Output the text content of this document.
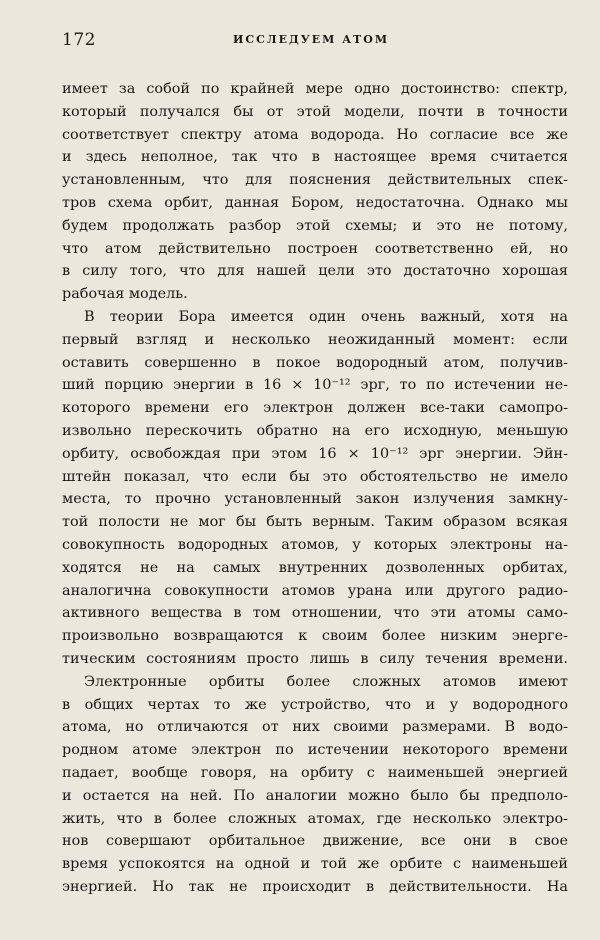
172	ИССЛЕДУЕМ АТОМ
имеет за собой по крайней мере одно достоинство: спектр,
который получался бы от этой модели, почти в точности
соответствует спектру атома водорода. Но согласие все же
и здесь неполное, так что в настоящее время считается
установленным, что для пояснения действительных спек-
тров схема орбит, данная Бором, недостаточна. Однако мы
будем продолжать разбор этой схемы; и это не потому,
что атом действительно построен соответственно ей, но
в силу того, что для нашей цели это достаточно хорошая
рабочая модель.
В теории Бора имеется один очень важный, хотя на
первый взгляд и несколько неожиданный момент: если
оставить совершенно в покое водородный атом, получив-
ший порцию энергии в 16 × 10⁻¹² эрг, то по истечении не-
которого времени его электрон должен все-таки самопро-
извольно перескочить обратно на его исходную, меньшую
орбиту, освобождая при этом 16 × 10⁻¹² эрг энергии. Эйн-
штейн показал, что если бы это обстоятельство не имело
места, то прочно установленный закон излучения замкну-
той полости не мог бы быть верным. Таким образом всякая
совокупность водородных атомов, у которых электроны на-
ходятся не на самых внутренних дозволенных орбитах,
аналогична совокупности атомов урана или другого радио-
активного вещества в том отношении, что эти атомы само-
произвольно возвращаются к своим более низким энерге-
тическим состояниям просто лишь в силу течения времени.
Электронные орбиты более сложных атомов имеют
в общих чертах то же устройство, что и у водородного
атома, но отличаются от них своими размерами. В водо-
родном атоме электрон по истечении некоторого времени
падает, вообще говоря, на орбиту с наименьшей энергией
и остается на ней. По аналогии можно было бы предполо-
жить, что в более сложных атомах, где несколько электро-
нов совершают орбитальное движение, все они в свое
время успокоятся на одной и той же орбите с наименьшей
энергией. Но так не происходит в действительности. На
